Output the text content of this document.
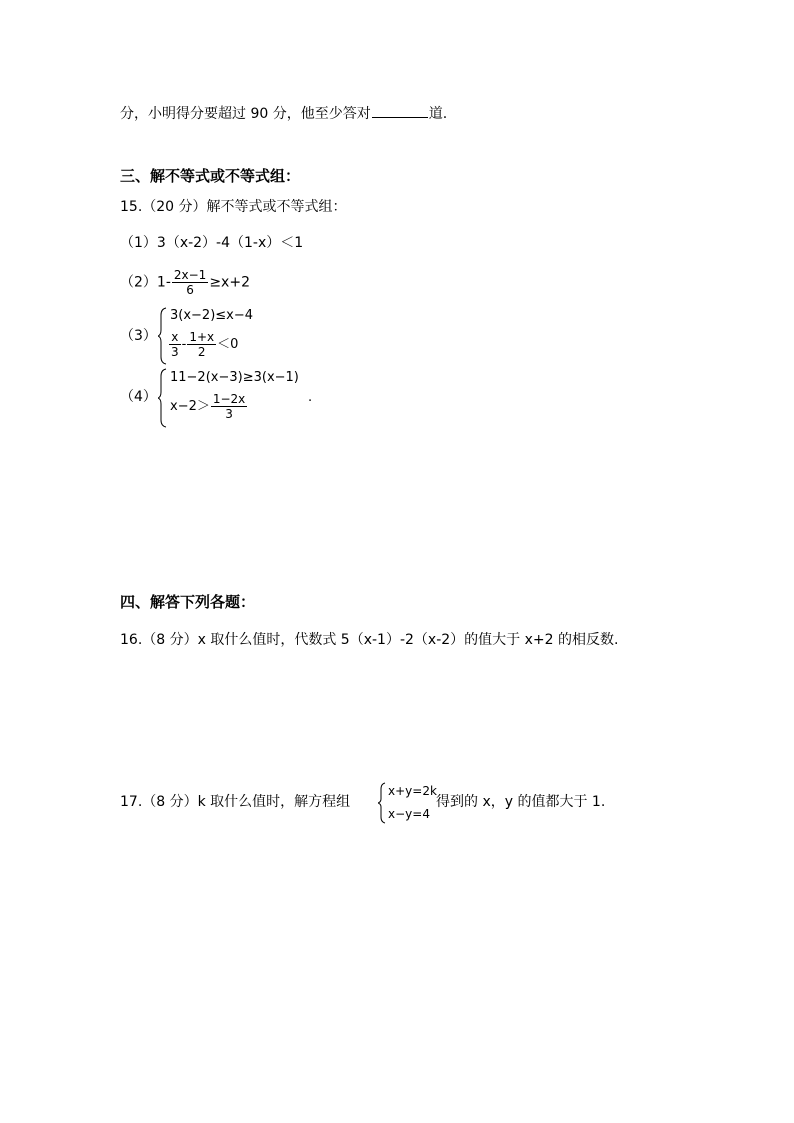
分，小明得分要超过 90 分，他至少答对	道.
三、解不等式或不等式组：
15.（20 分）解不等式或不等式组：
（1）3（x-2）-4（1-x）＜1
$(2)1- \frac{2x-1}{6} \ge x+2$
（3）
3(x−2)≤x−4
$\frac{x}{3} - \frac{1+x}{2} <0$
（4）
11−2(x−3)≥3(x−1)
$x-2> \frac{1-2x}{3}$	.
四、解答下列各题：
16.（8 分）x 取什么值时，代数式 5（x-1）-2（x-2）的值大于 x+2 的相反数.
17.（8 分）k 取什么值时，解方程组
x+y=2k
x−y=4
得到的 x，y 的值都大于 1.
